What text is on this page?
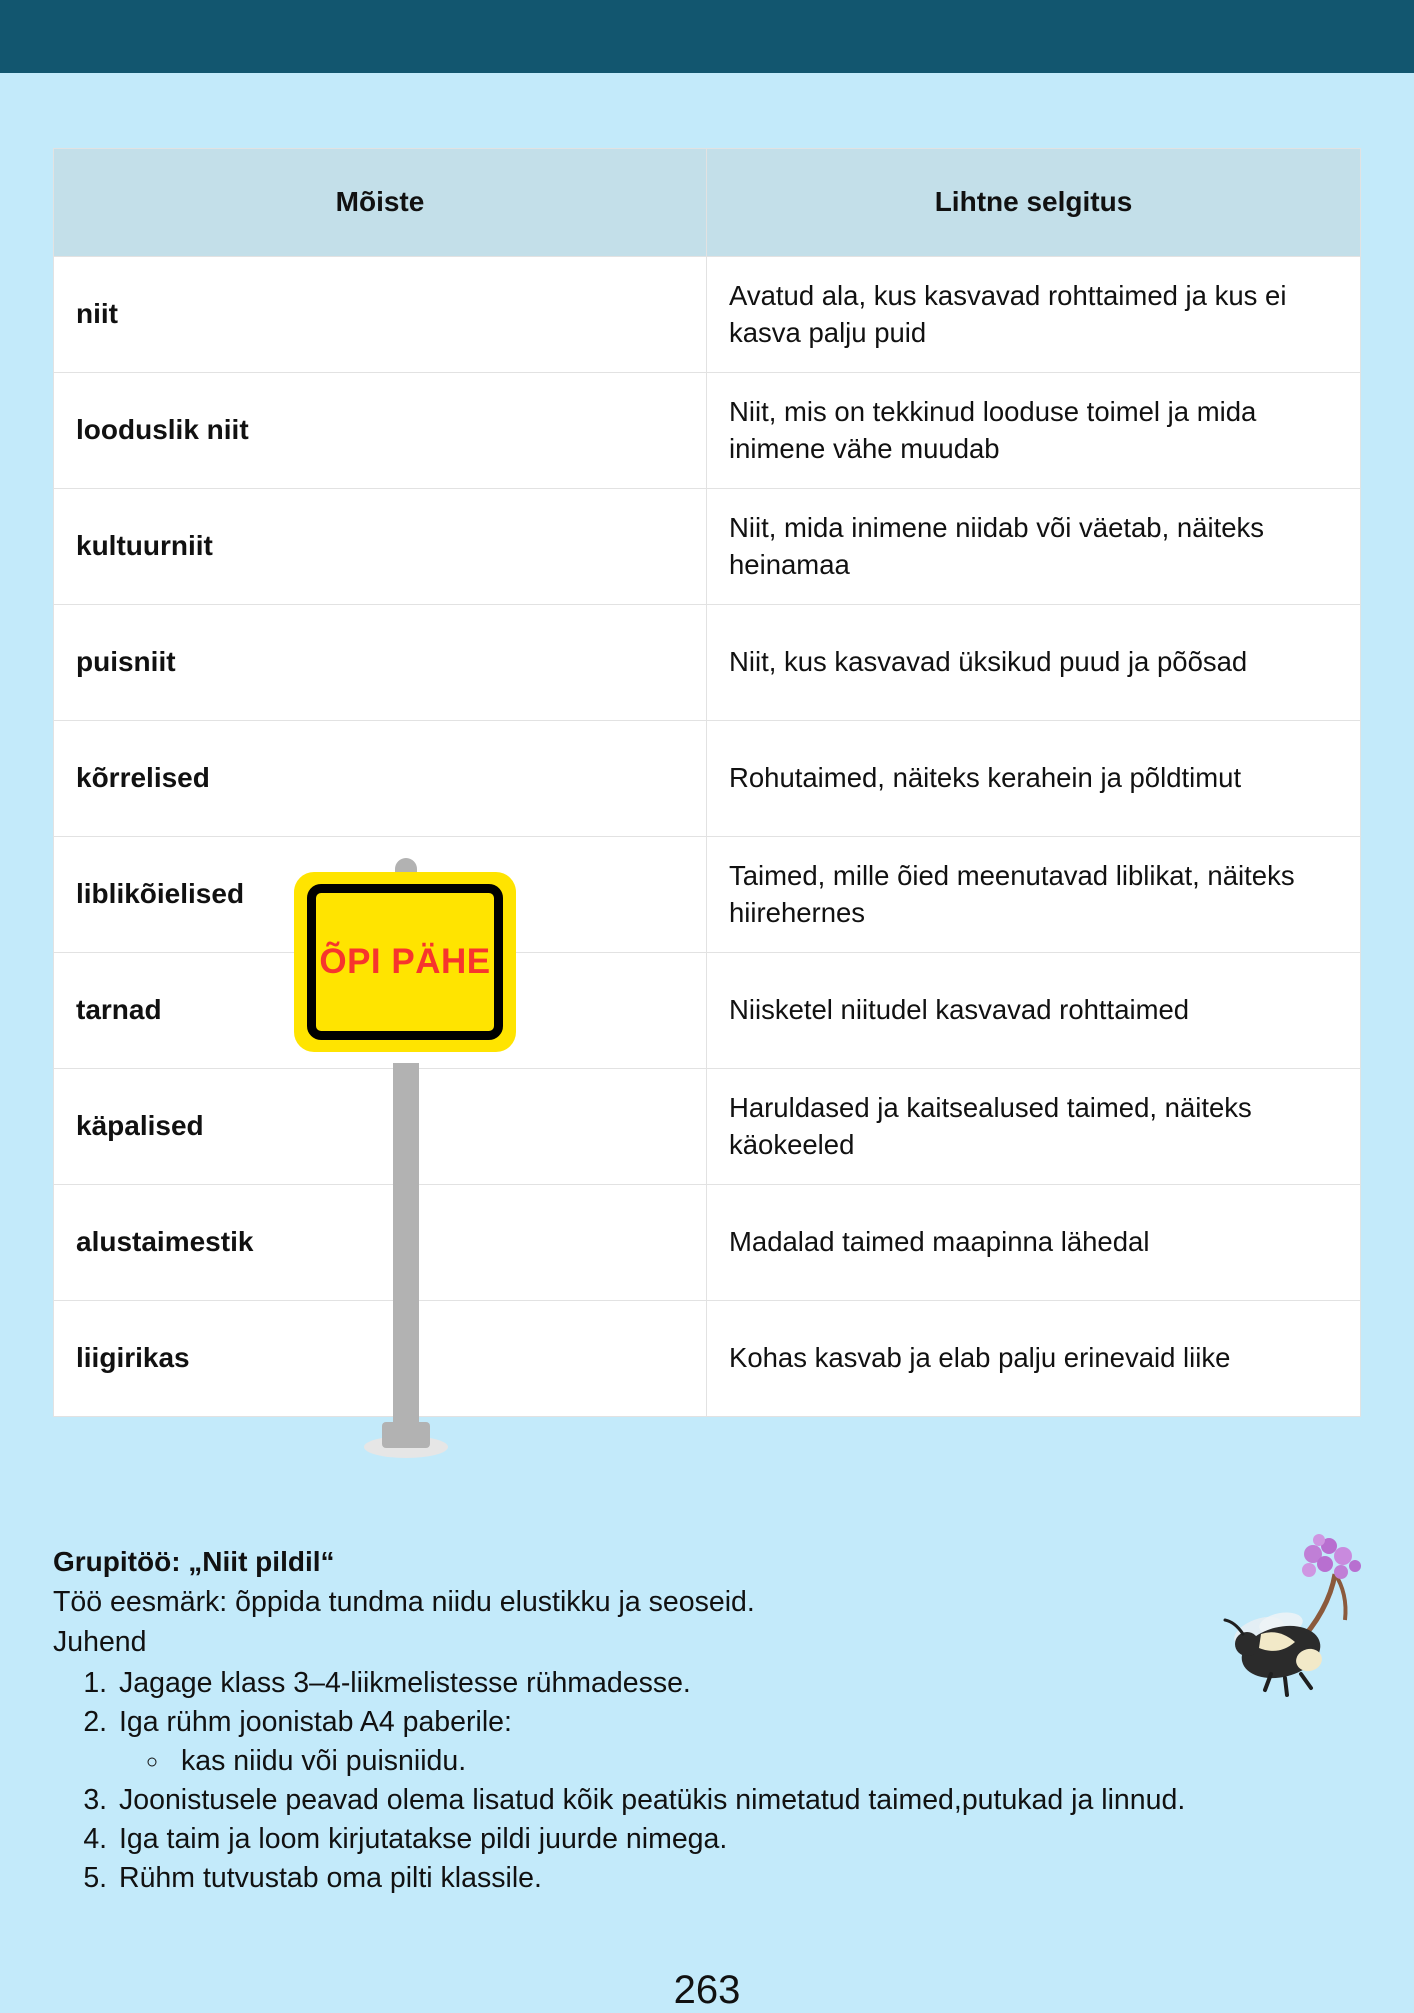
Mõiste	Lihtne selgitus
niit	Avatud ala, kus kasvavad rohttaimed ja kus ei kasva palju puid
looduslik niit	Niit, mis on tekkinud looduse toimel ja mida inimene vähe muudab
kultuurniit	Niit, mida inimene niidab või väetab, näiteks heinamaa
puisniit	Niit, kus kasvavad üksikud puud ja põõsad
kõrrelised	Rohutaimed, näiteks kerahein ja põldtimut
liblikõielised	Taimed, mille õied meenutavad liblikat, näiteks hiirehernes
tarnad	Niisketel niitudel kasvavad rohttaimed
käpalised	Haruldased ja kaitsealused taimed, näiteks käokeeled
alustaimestik	Madalad taimed maapinna lähedal
liigirikas	Kohas kasvab ja elab palju erinevaid liike
ÕPI PÄHE

Grupitöö: „Niit pildil“

Töö eesmärk: õppida tundma niidu elustikku ja seoseid.

Juhend

1. Jagage klass 3–4-liikmelistesse rühmadesse.
2. Iga rühm joonistab A4 paberile:
◦ kas niidu või puisniidu.
3. Joonistusele peavad olema lisatud kõik peatükis nimetatud taimed,putukad ja linnud.
4. Iga taim ja loom kirjutatakse pildi juurde nimega.
5. Rühm tutvustab oma pilti klassile.
263
